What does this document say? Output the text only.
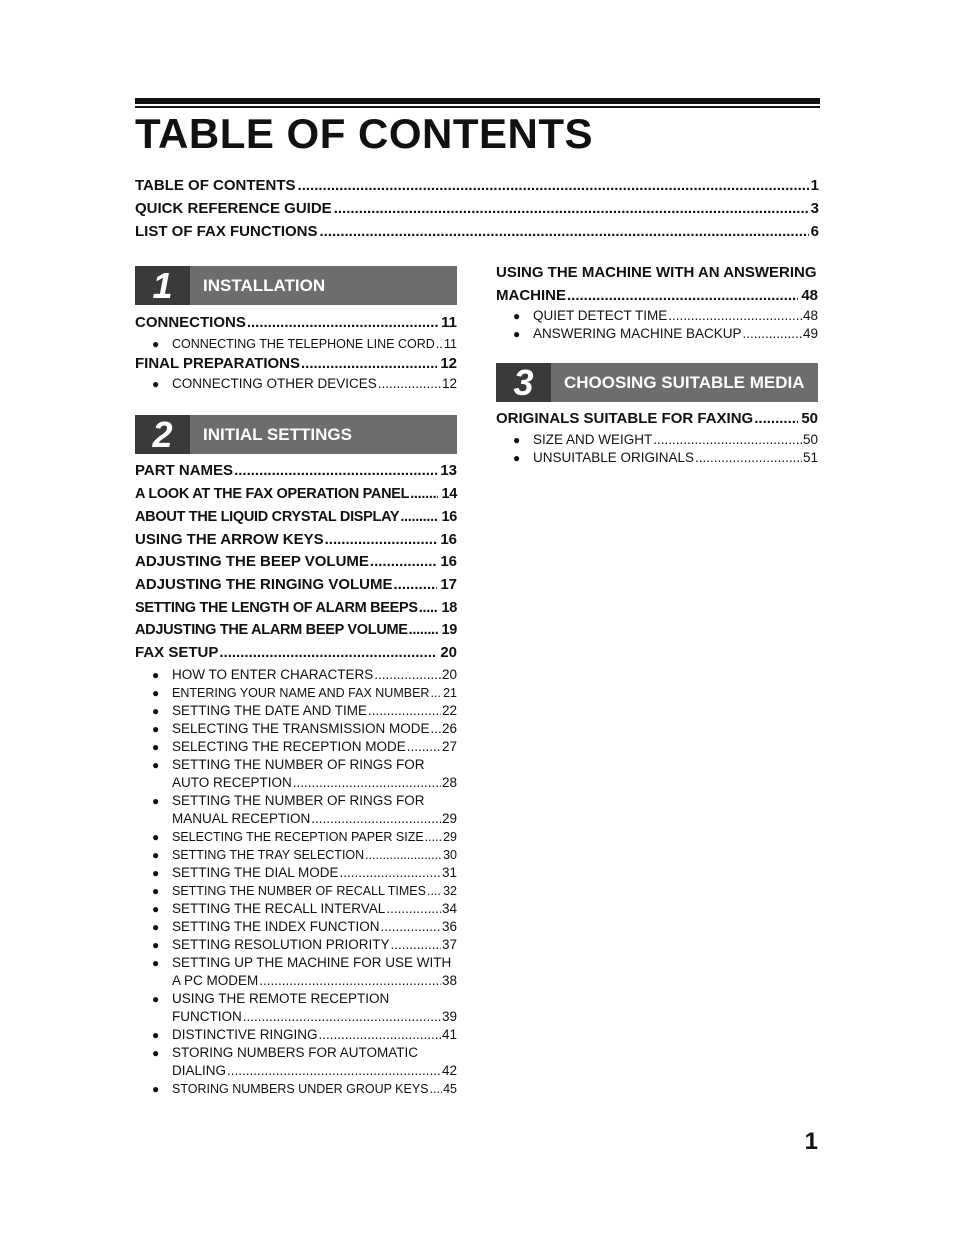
TABLE OF CONTENTS
TABLE OF CONTENTS .....	1
QUICK REFERENCE GUIDE .....	3
LIST OF FAX FUNCTIONS .....	6
1	INSTALLATION
CONNECTIONS .....	11
●	CONNECTING THE TELEPHONE LINE CORD ..... 11
FINAL PREPARATIONS .....	12
● CONNECTING OTHER DEVICES .....	12
2	INITIAL SETTINGS
PART NAMES .....	13
A LOOK AT THE FAX OPERATION PANEL ..... 14
ABOUT THE LIQUID CRYSTAL DISPLAY .....	16
USING THE ARROW KEYS .....	16
ADJUSTING THE BEEP VOLUME .....	16
ADJUSTING THE RINGING VOLUME .....	17
SETTING THE LENGTH OF ALARM BEEPS ..... 18
ADJUSTING THE ALARM BEEP VOLUME ..... 19
FAX SETUP .....	20
● HOW TO ENTER CHARACTERS .....	20
●	ENTERING YOUR NAME AND FAX NUMBER ..... 21
● SETTING THE DATE AND TIME .....	22
● SELECTING THE TRANSMISSION MODE ..... 26
● SELECTING THE RECEPTION MODE .....	27
● SETTING THE NUMBER OF RINGS FOR
AUTO RECEPTION .....	28
● SETTING THE NUMBER OF RINGS FOR
MANUAL RECEPTION .....	29
●	SELECTING THE RECEPTION PAPER SIZE ..... 29
●	SETTING THE TRAY SELECTION .....	30
● SETTING THE DIAL MODE .....	31
●	SETTING THE NUMBER OF RECALL TIMES ..... 32
● SETTING THE RECALL INTERVAL .....	34
● SETTING THE INDEX FUNCTION .....	36
● SETTING RESOLUTION PRIORITY .....	37
● SETTING UP THE MACHINE FOR USE WITH
A PC MODEM .....	38
● USING THE REMOTE RECEPTION
FUNCTION .....	39
● DISTINCTIVE RINGING .....	41
● STORING NUMBERS FOR AUTOMATIC
DIALING .....	42
●	STORING NUMBERS UNDER GROUP KEYS ..... 45
USING THE MACHINE WITH AN ANSWERING
MACHINE .....	48
● QUIET DETECT TIME .....	48
● ANSWERING MACHINE BACKUP .....	49
3	CHOOSING SUITABLE MEDIA
ORIGINALS SUITABLE FOR FAXING .....	50
● SIZE AND WEIGHT .....	50
● UNSUITABLE ORIGINALS .....	51
1
